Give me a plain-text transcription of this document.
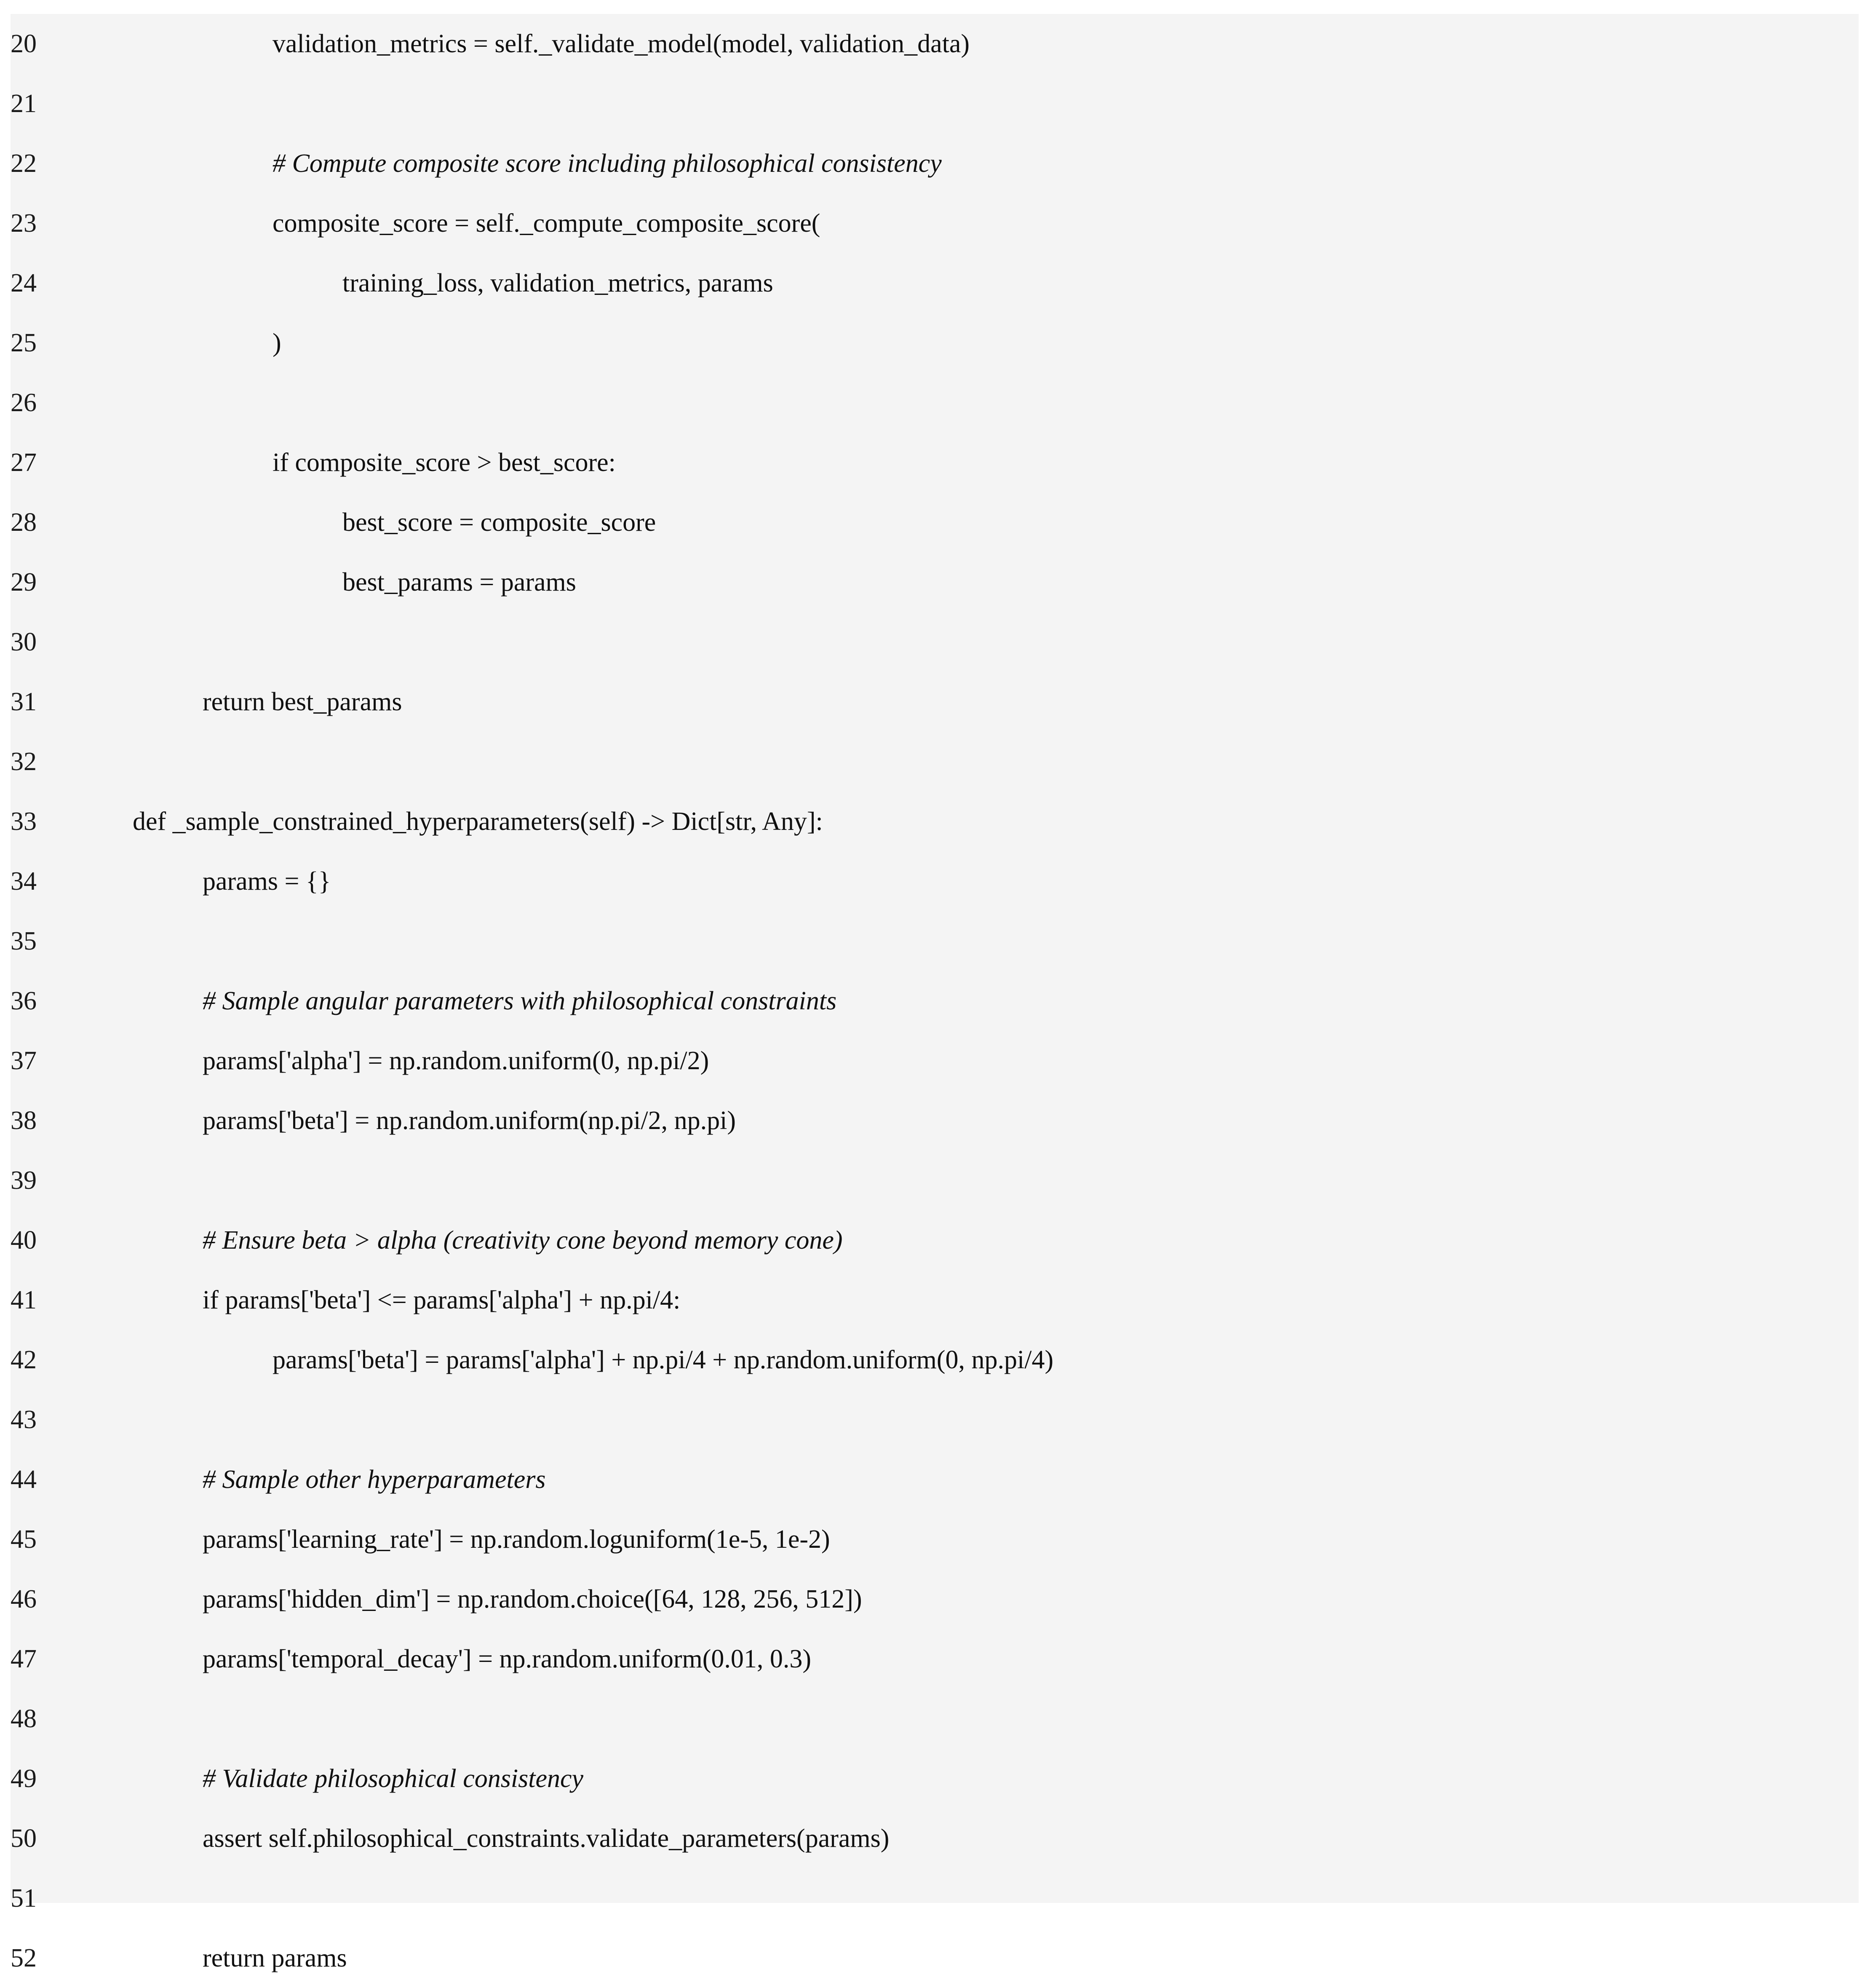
20	validation_metrics = self._validate_model(model, validation_data)
21
22	# Compute composite score including philosophical consistency
23	composite_score = self._compute_composite_score(
24	training_loss, validation_metrics, params
25	)
26
27	if composite_score > best_score:
28	best_score = composite_score
29	best_params = params
30
31	return best_params
32
33	def _sample_constrained_hyperparameters(self) -> Dict[str, Any]:
34	params = {}
35
36	# Sample angular parameters with philosophical constraints
37	params['alpha'] = np.random.uniform(0, np.pi/2)
38	params['beta'] = np.random.uniform(np.pi/2, np.pi)
39
40	# Ensure beta > alpha (creativity cone beyond memory cone)
41	if params['beta'] <= params['alpha'] + np.pi/4:
42	params['beta'] = params['alpha'] + np.pi/4 + np.random.uniform(0, np.pi/4)
43
44	# Sample other hyperparameters
45	params['learning_rate'] = np.random.loguniform(1e-5, 1e-2)
46	params['hidden_dim'] = np.random.choice([64, 128, 256, 512])
47	params['temporal_decay'] = np.random.uniform(0.01, 0.3)
48
49	# Validate philosophical consistency
50	assert self.philosophical_constraints.validate_parameters(params)
51
52	return params
